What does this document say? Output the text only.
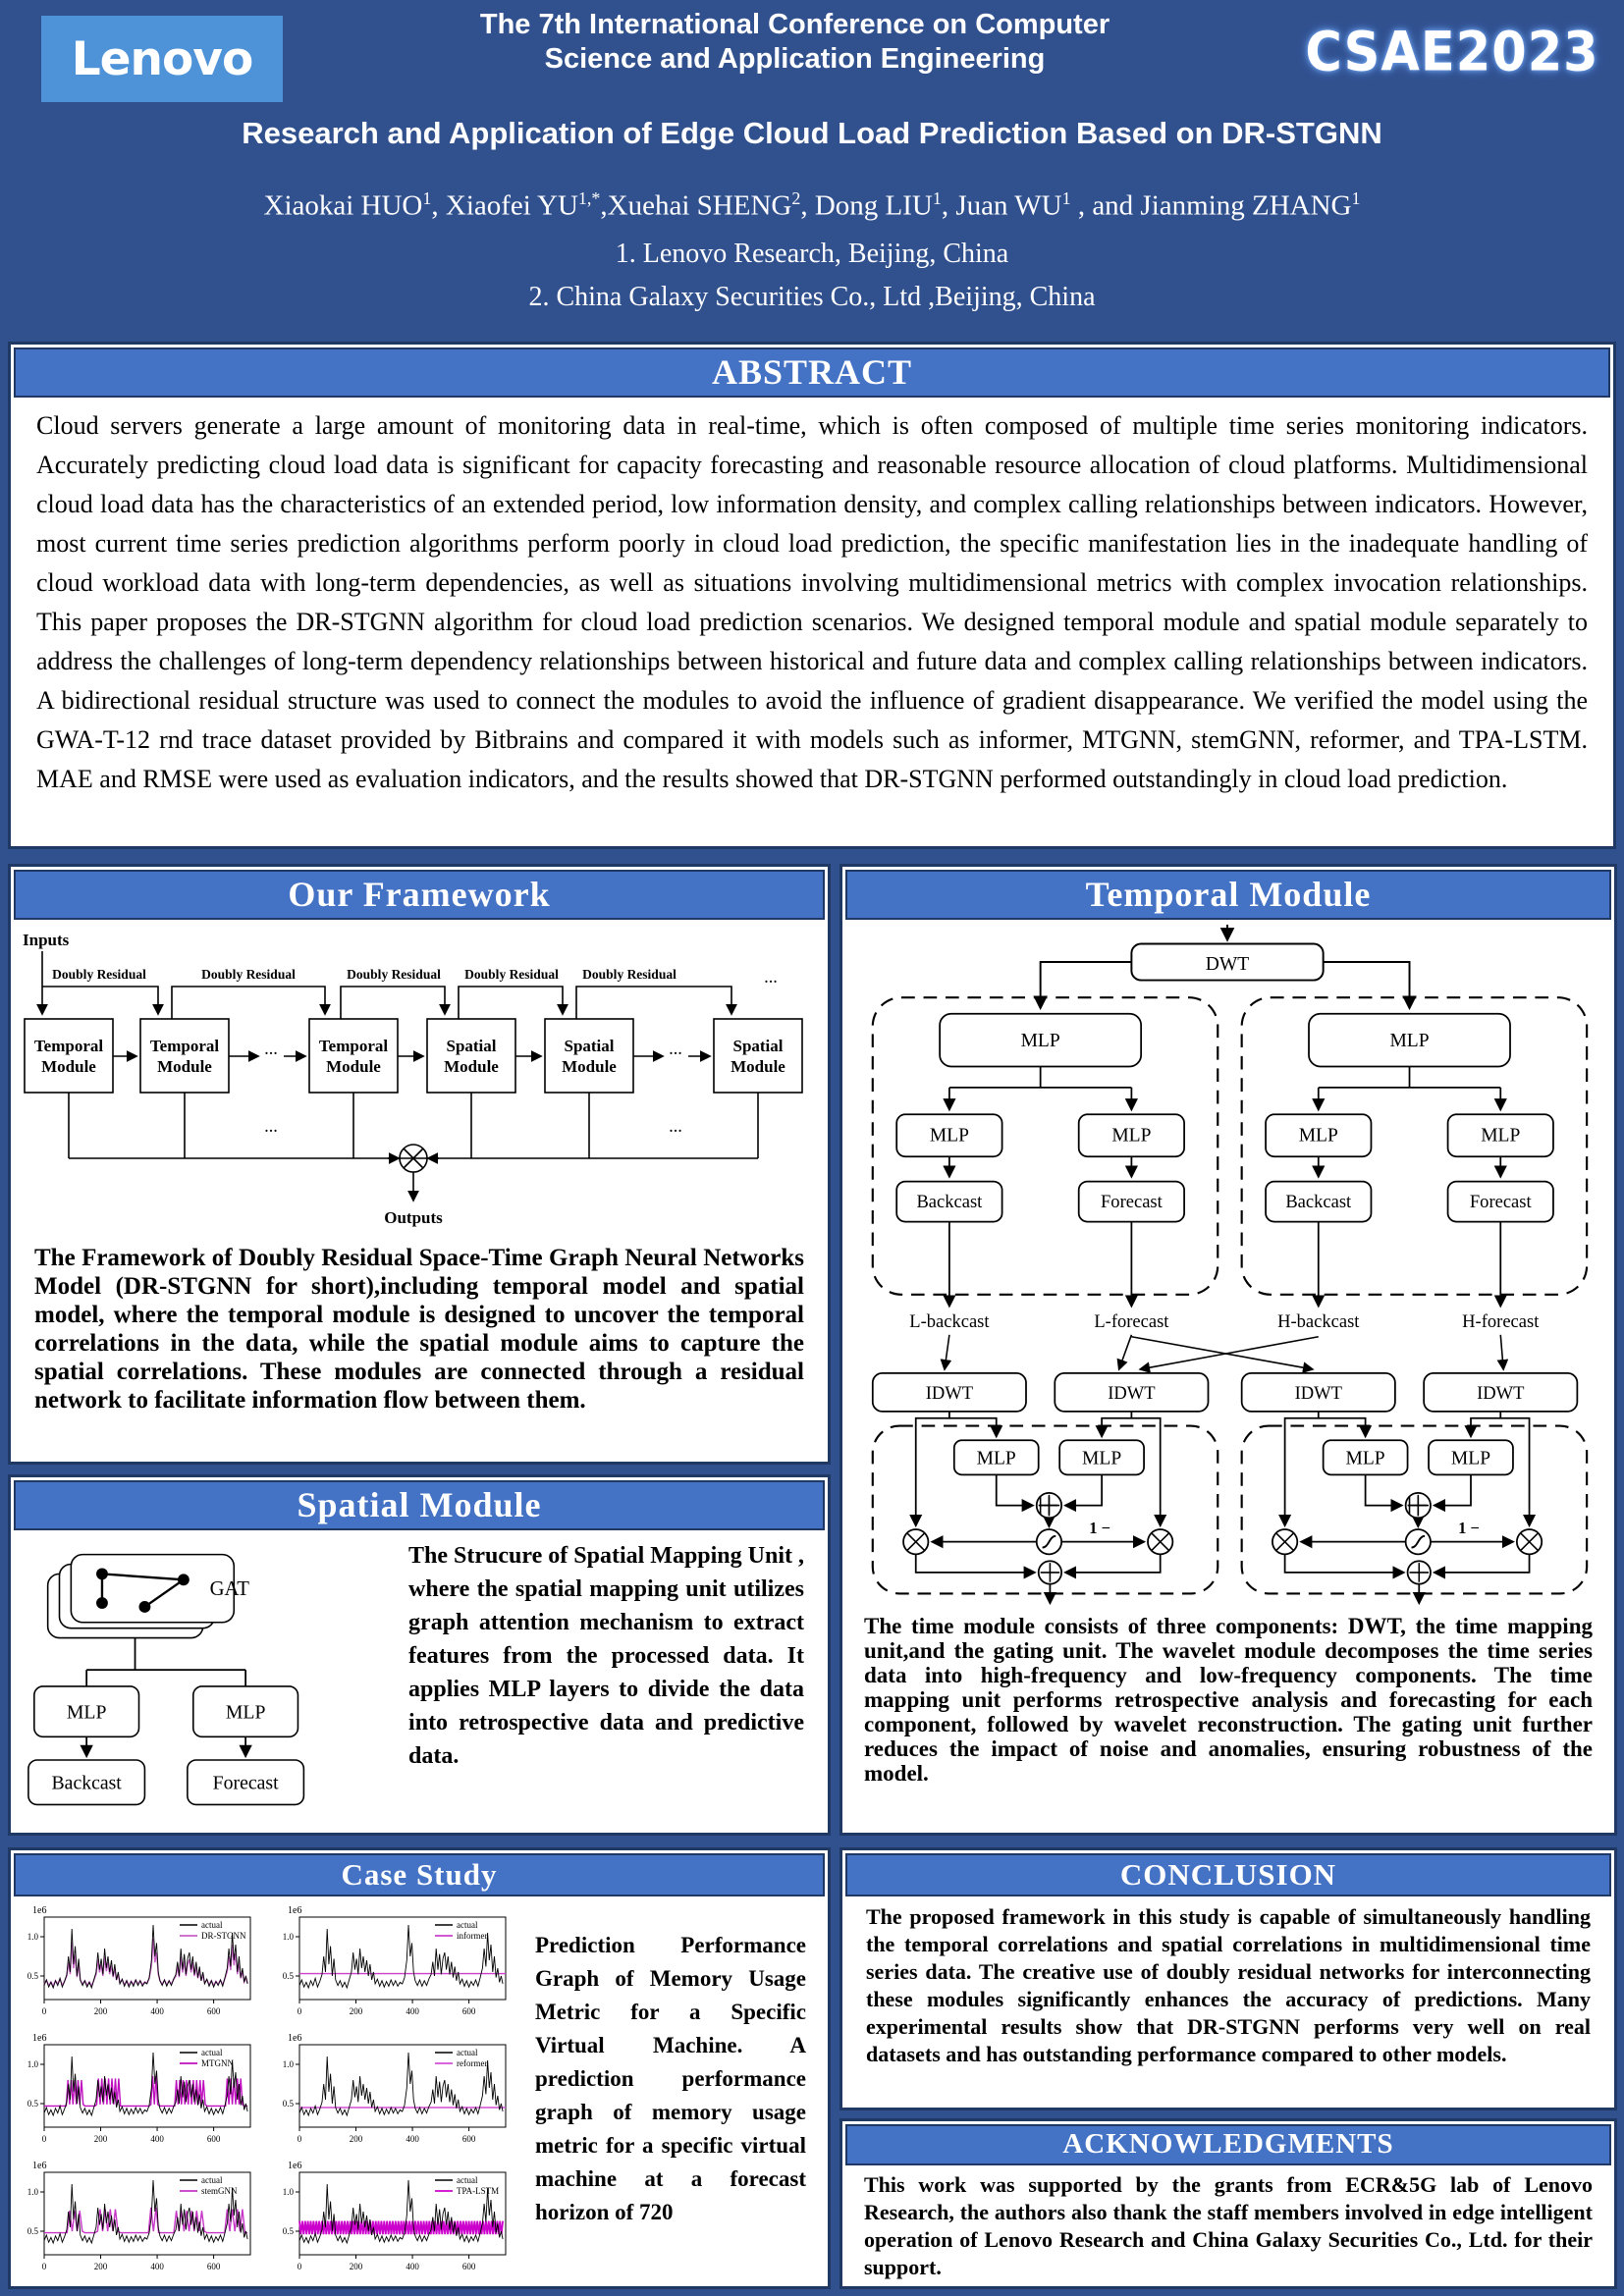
Lenovo
The 7th International Conference on Computer
Science and Application Engineering	CSAE2023
Research and Application of Edge Cloud Load Prediction Based on DR-STGNN
Xiaokai HUO$^1$, Xiaofei $YU^{1,*},Xuehai$ SHENG$^2$, Dong LIU$^1$, Juan $WU^1$ , and Jianming ZHANG$^1$
1. Lenovo Research, Beijing, China
2. China Galaxy Securities Co., Ltd ,Beijing, China
ABSTRACT
Cloud servers generate a large amount of monitoring data in real-time, which is often composed of multiple time series monitoring indicators. Accurately predicting cloud load data is significant for capacity forecasting and reasonable resource allocation of cloud platforms. Multidimensional cloud load data has the characteristics of an extended period, low information density, and complex calling relationships between indicators. However, most current time series prediction algorithms perform poorly in cloud load prediction, the specific manifestation lies in the inadequate handling of cloud workload data with long-term dependencies, as well as situations involving multidimensional metrics with complex invocation relationships. This paper proposes the DR-STGNN algorithm for cloud load prediction scenarios. We designed temporal module and spatial module separately to address the challenges of long-term dependency relationships between historical and future data and complex calling relationships between indicators. A bidirectional residual structure was used to connect the modules to avoid the influence of gradient disappearance. We verified the model using the GWA-T-12 rnd trace dataset provided by Bitbrains and compared it with models such as informer, MTGNN, stemGNN, reformer, and TPA-LSTM. MAE and RMSE were used as evaluation indicators, and the results showed that DR-STGNN performed outstandingly in cloud load prediction.
Our Framework
Doubly Residual	Doubly Residual	Doubly Residual Doubly Residual Doubly Residual	…
…	…
…	…
Temporal Module
Temporal Module
Temporal Module
Spatial Module
Spatial Module
Spatial Module
Inputs
Outputs
The Framework of Doubly Residual Space-Time Graph Neural Networks Model (DR-STGNN for short),including temporal model and spatial model, where the temporal module is designed to uncover the temporal correlations in the data, while the spatial module aims to capture the spatial correlations. These modules are connected through a residual network to facilitate information flow between them.
Temporal Module
DWT
L-backcast	L-forecast	H-backcast	H-forecast
IDWT	IDWT	IDWT	IDWT
The time module consists of three components: DWT, the time mapping unit,and the gating unit. The wavelet module decomposes the time series data into high-frequency and low-frequency components. The time mapping unit performs retrospective analysis and forecasting for each component, followed by wavelet reconstruction. The gating unit further reduces the impact of noise and anomalies, ensuring robustness of the model.
Spatial Module
GAT
MLP	MLP
Backcast	Forecast
The Strucure of Spatial Mapping Unit , where the spatial mapping unit utilizes graph attention mechanism to extract features from the processed data. It applies MLP layers to divide the data into retrospective data and predictive data.
Case Study
1e6
0.5
1.0
0	200	400	600
actual
DR-STGNN
1e6
0.5
1.0
0	200	400	600
actual
informer
1e6
0.5
1.0
0	200	400	600
actual
MTGNN
1e6
0.5
1.0
0	200	400	600
actual
reformer
1e6
0.5
1.0
0	200	400	600
actual
stemGNN
1e6
0.5
1.0
0	200	400	600
actual
TPA-LSTM
Prediction Performance Graph of Memory Usage Metric for a Specific Virtual Machine. A prediction performance graph of memory usage metric for a specific virtual machine at a forecast horizon of 720
CONCLUSION
The proposed framework in this study is capable of simultaneously handling the temporal correlations and spatial correlations in multidimensional time series data. The creative use of doubly residual networks for interconnecting these modules significantly enhances the accuracy of predictions. Many experimental results show that DR-STGNN performs very well on real datasets and has outstanding performance compared to other models.
ACKNOWLEDGMENTS
This work was supported by the grants from ECR&5G lab of Lenovo Research, the authors also thank the staff members involved in edge intelligent operation of Lenovo Research and China Galaxy Securities Co., Ltd. for their support.
